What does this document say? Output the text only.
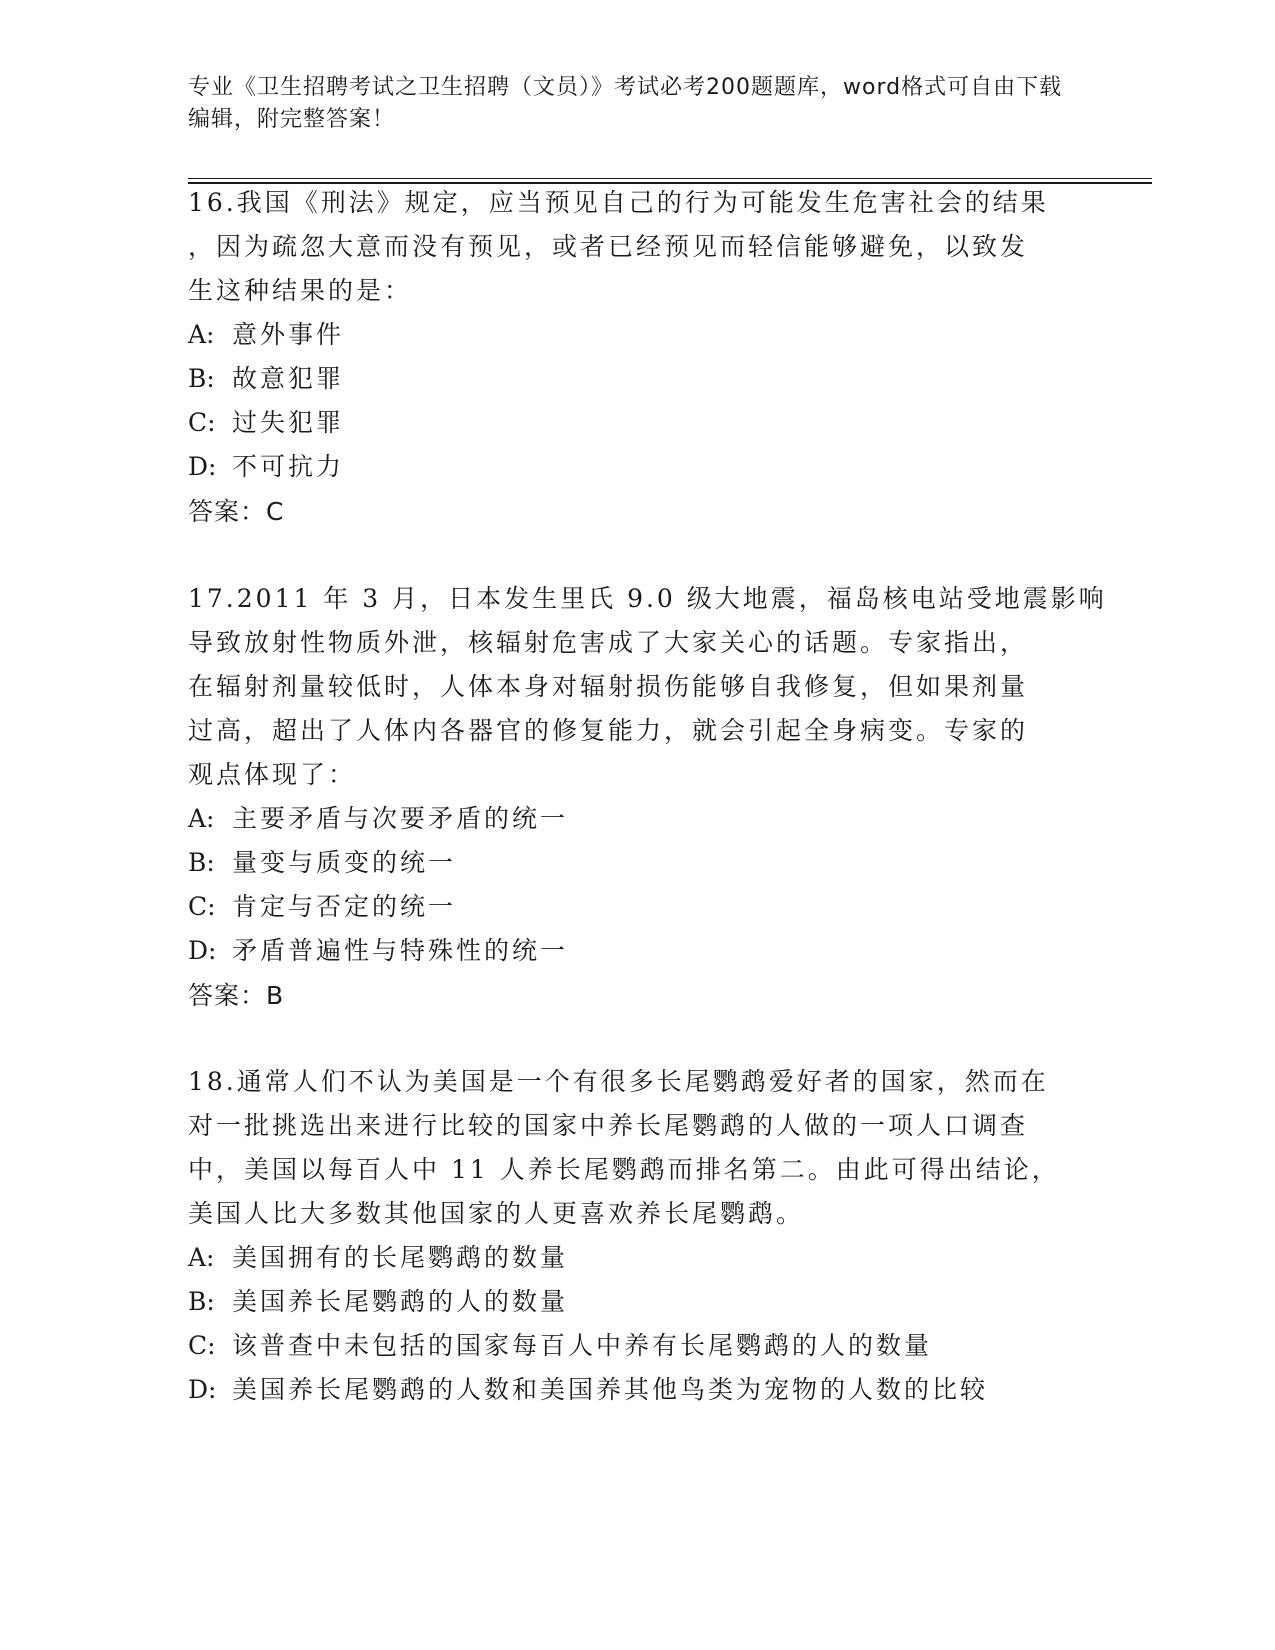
专业《卫生招聘考试之卫生招聘（文员）》考试必考200题题库，word格式可自由下载编辑，附完整答案！
16.我国《刑法》规定，应当预见自己的行为可能发生危害社会的结果
，因为疏忽大意而没有预见，或者已经预见而轻信能够避免，以致发
生这种结果的是：
A: 意外事件
B: 故意犯罪
C: 过失犯罪
D: 不可抗力
答案：C
17.2011 年 3 月，日本发生里氏 9.0 级大地震，福岛核电站受地震影响
导致放射性物质外泄，核辐射危害成了大家关心的话题。专家指出，
在辐射剂量较低时，人体本身对辐射损伤能够自我修复，但如果剂量
过高，超出了人体内各器官的修复能力，就会引起全身病变。专家的
观点体现了：
A: 主要矛盾与次要矛盾的统一
B: 量变与质变的统一
C: 肯定与否定的统一
D: 矛盾普遍性与特殊性的统一
答案：B
18.通常人们不认为美国是一个有很多长尾鹦鹉爱好者的国家，然而在
对一批挑选出来进行比较的国家中养长尾鹦鹉的人做的一项人口调查
中，美国以每百人中 11 人养长尾鹦鹉而排名第二。由此可得出结论，
美国人比大多数其他国家的人更喜欢养长尾鹦鹉。
A: 美国拥有的长尾鹦鹉的数量
B: 美国养长尾鹦鹉的人的数量
C: 该普查中未包括的国家每百人中养有长尾鹦鹉的人的数量
D: 美国养长尾鹦鹉的人数和美国养其他鸟类为宠物的人数的比较
